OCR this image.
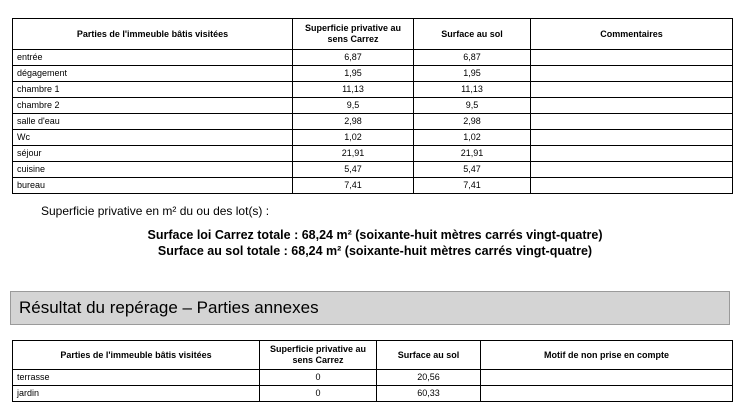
Parties de l'immeuble bâtis visitées	Superficie privative au sens Carrez	Surface au sol	Commentaires
entrée	6,87	6,87	
dégagement	1,95	1,95	
chambre 1	11,13	11,13	
chambre 2	9,5	9,5	
salle d'eau	2,98	2,98	
Wc	1,02	1,02	
séjour	21,91	21,91	
cuisine	5,47	5,47	
bureau	7,41	7,41	
Superficie privative en m² du ou des lot(s) :
Surface loi Carrez totale : 68,24 m² (soixante-huit mètres carrés vingt-quatre)
Surface au sol totale : 68,24 m² (soixante-huit mètres carrés vingt-quatre)
Résultat du repérage – Parties annexes
Parties de l'immeuble bâtis visitées	Superficie privative au sens Carrez	Surface au sol	Motif de non prise en compte
terrasse	0	20,56	
jardin	0	60,33	
